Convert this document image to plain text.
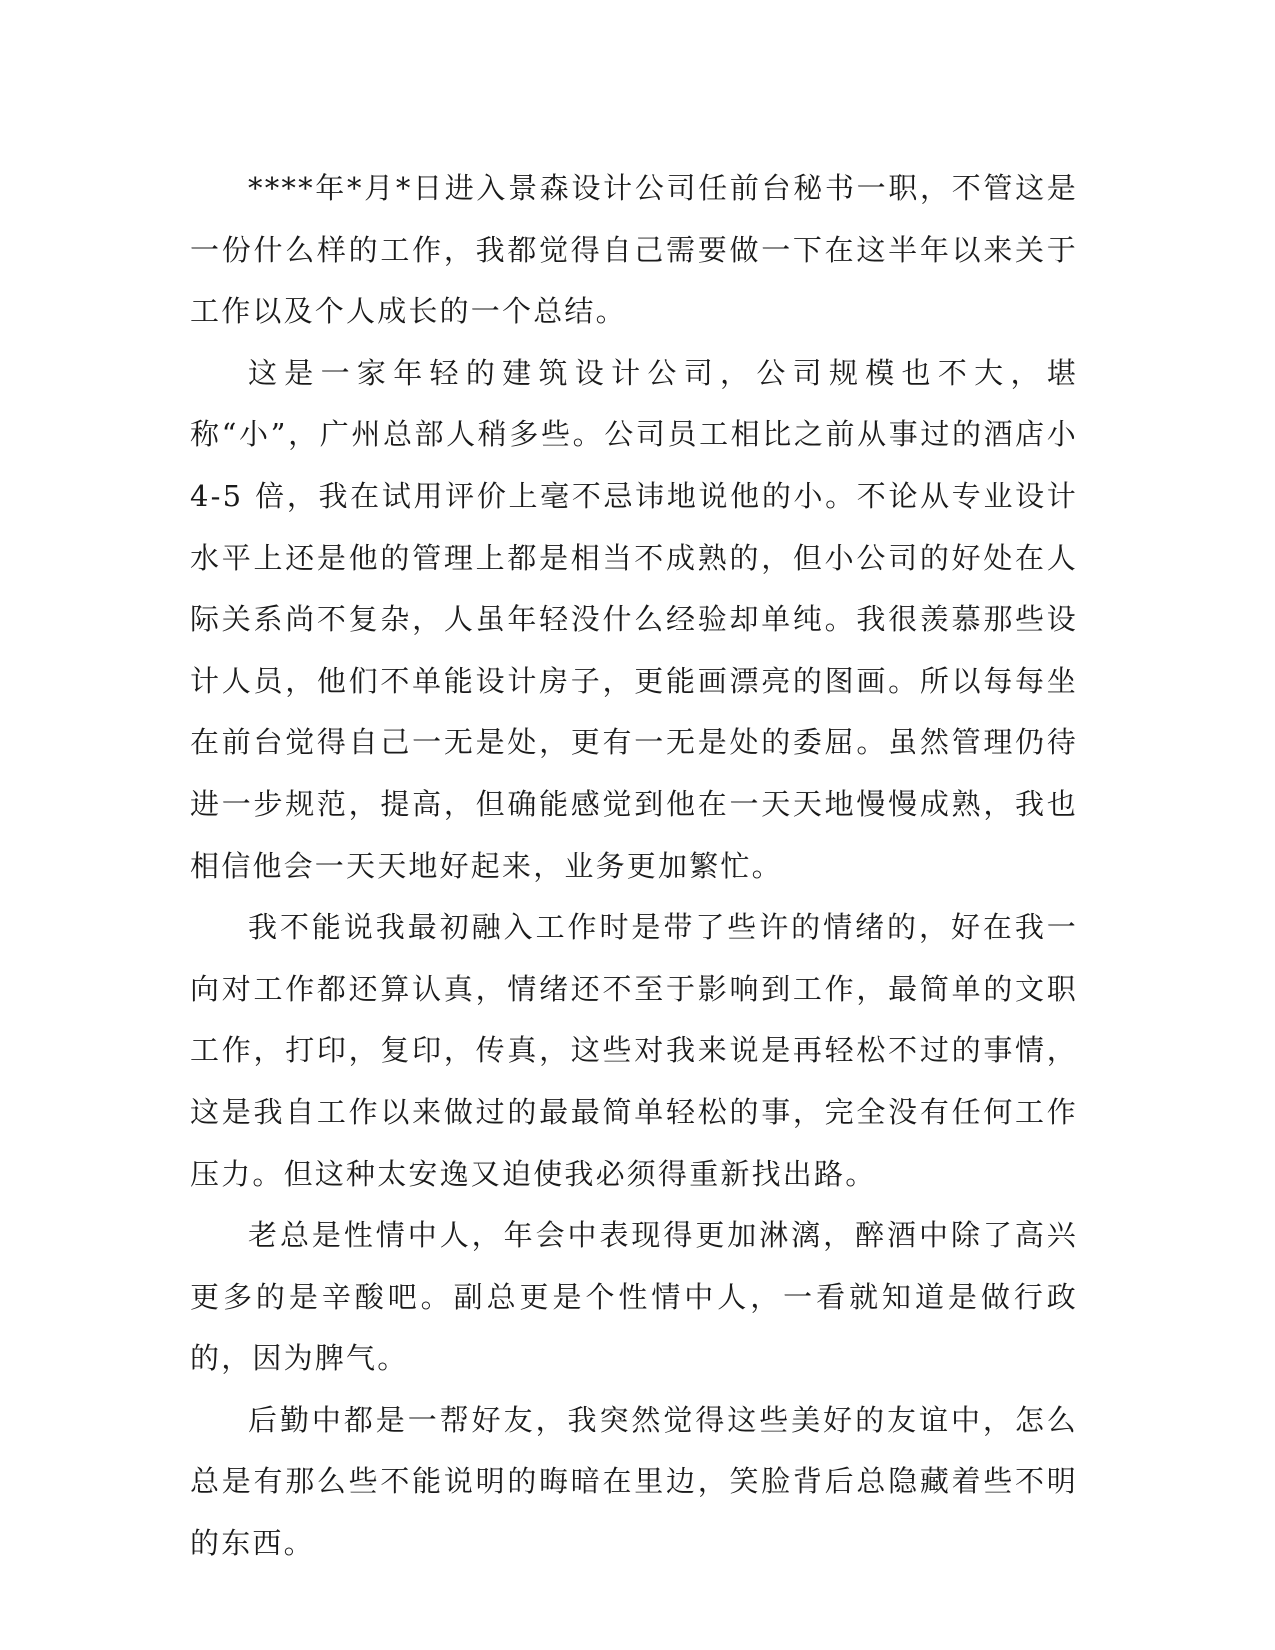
****年*月*日进入景森设计公司任前台秘书一职，不管这是一份什么样的工作，我都觉得自己需要做一下在这半年以来关于工作以及个人成长的一个总结。

这是一家年轻的建筑设计公司，公司规模也不大，堪称“小”，广州总部人稍多些。公司员工相比之前从事过的酒店小 4-5 倍，我在试用评价上毫不忌讳地说他的小。不论从专业设计水平上还是他的管理上都是相当不成熟的，但小公司的好处在人际关系尚不复杂，人虽年轻没什么经验却单纯。我很羡慕那些设计人员，他们不单能设计房子，更能画漂亮的图画。所以每每坐在前台觉得自己一无是处，更有一无是处的委屈。虽然管理仍待进一步规范，提高，但确能感觉到他在一天天地慢慢成熟，我也相信他会一天天地好起来，业务更加繁忙。

我不能说我最初融入工作时是带了些许的情绪的，好在我一向对工作都还算认真，情绪还不至于影响到工作，最简单的文职工作，打印，复印，传真，这些对我来说是再轻松不过的事情，这是我自工作以来做过的最最简单轻松的事，完全没有任何工作压力。但这种太安逸又迫使我必须得重新找出路。

老总是性情中人，年会中表现得更加淋漓，醉酒中除了高兴更多的是辛酸吧。副总更是个性情中人，一看就知道是做行政的，因为脾气。

后勤中都是一帮好友，我突然觉得这些美好的友谊中，怎么总是有那么些不能说明的晦暗在里边，笑脸背后总隐藏着些不明的东西。
